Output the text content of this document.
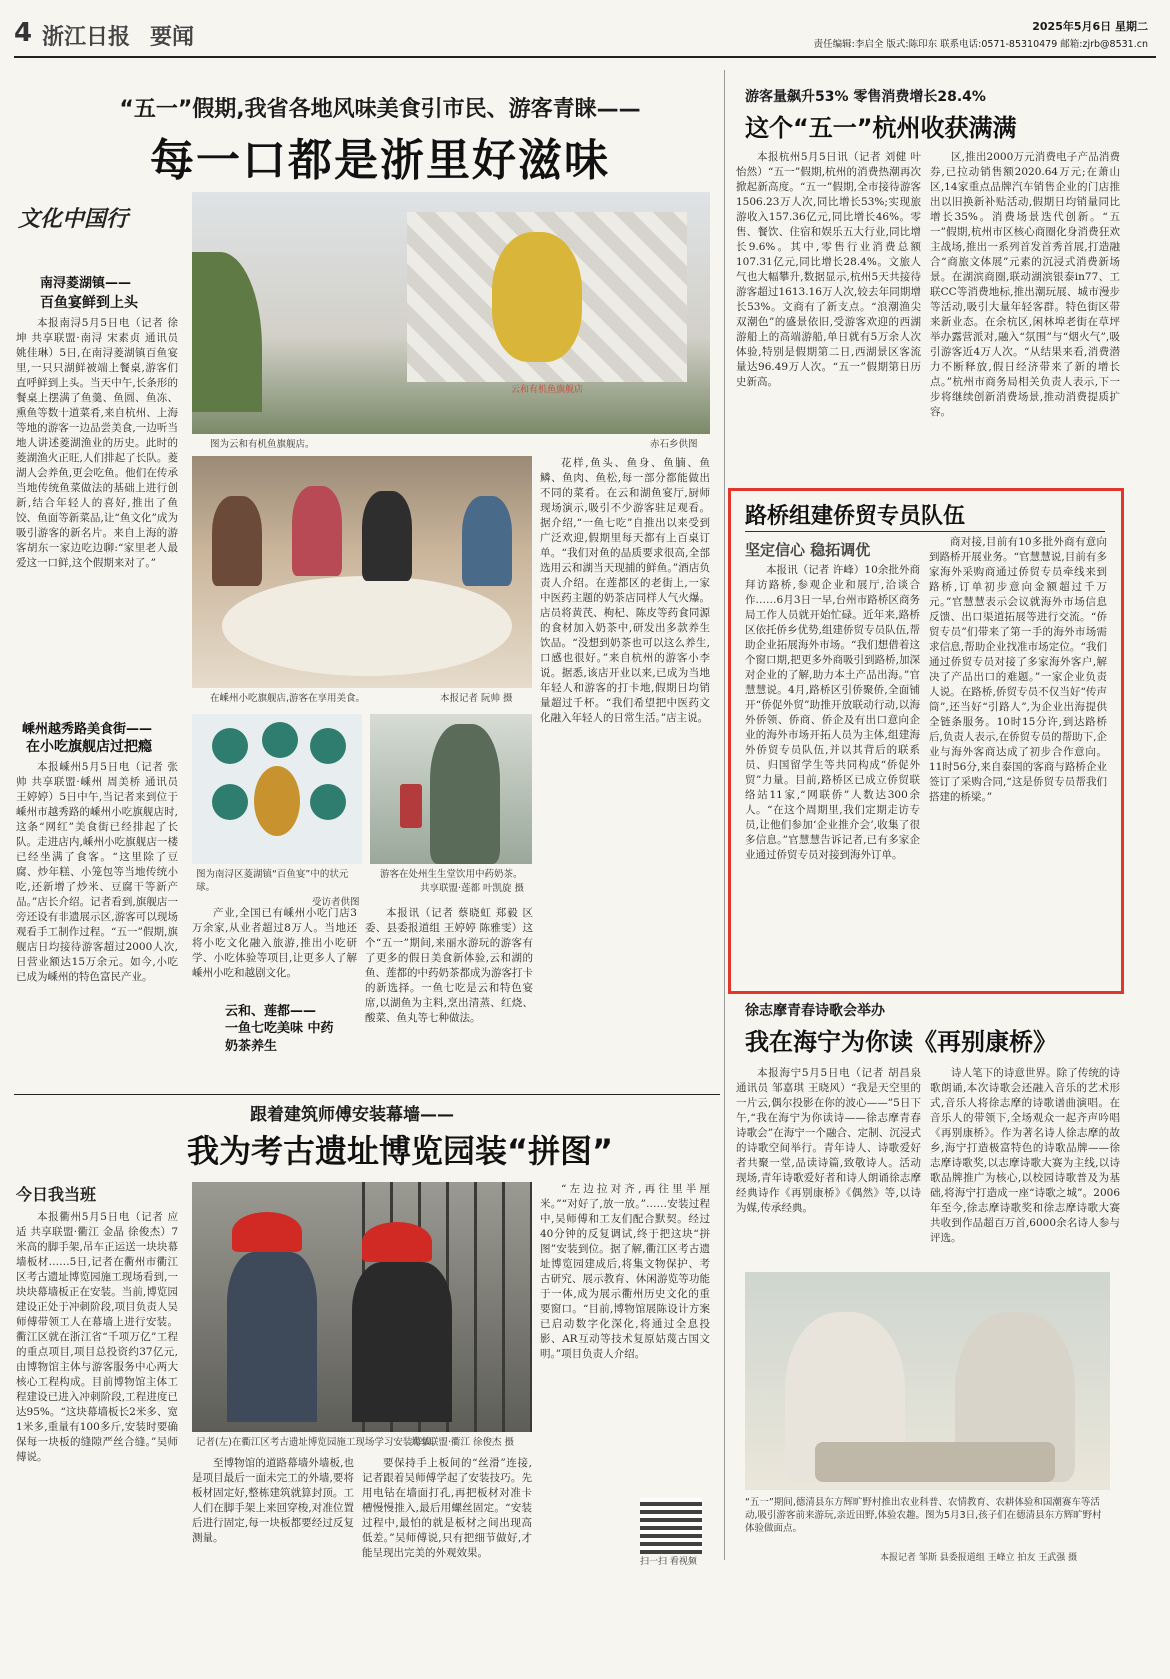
4 浙江日报 要闻	2025年5月6日 星期二
责任编辑:李启全 版式:陈印东 联系电话:0571-85310479 邮箱:zjrb@8531.cn
“五一”假期,我省各地风味美食引市民、游客青睐——
每一口都是浙里好滋味
文化中国行
南浔菱湖镇——
百鱼宴鲜到上头

本报南浔5月5日电（记者 徐坤 共享联盟·南浔 宋素贞 通讯员 姚佳琳）5日,在南浔菱湖镇百鱼宴里,一只只湖鲜被端上餐桌,游客们直呼鲜到上头。当天中午,长条形的餐桌上摆满了鱼羹、鱼圆、鱼冻、熏鱼等数十道菜肴,来自杭州、上海等地的游客一边品尝美食,一边听当地人讲述菱湖渔业的历史。此时的菱湖渔火正旺,人们排起了长队。菱湖人会养鱼,更会吃鱼。他们在传承当地传统鱼菜做法的基础上进行创新,结合年轻人的喜好,推出了鱼饺、鱼面等新菜品,让“鱼文化”成为吸引游客的新名片。来自上海的游客胡东一家边吃边聊:“家里老人最爱这一口鲜,这个假期来对了。”

云和有机鱼旗舰店
图为云和有机鱼旗舰店。	赤石乡供图
在嵊州小吃旗舰店,游客在享用美食。	本报记者 阮帅 摄

花样,鱼头、鱼身、鱼腩、鱼鳞、鱼肉、鱼松,每一部分都能做出不同的菜肴。在云和湖鱼宴厅,厨师现场演示,吸引不少游客驻足观看。据介绍,“一鱼七吃”自推出以来受到广泛欢迎,假期里每天都有上百桌订单。“我们对鱼的品质要求很高,全部选用云和湖当天现捕的鲜鱼。”酒店负责人介绍。在莲都区的老街上,一家中医药主题的奶茶店同样人气火爆。店员将黄芪、枸杞、陈皮等药食同源的食材加入奶茶中,研发出多款养生饮品。“没想到奶茶也可以这么养生,口感也很好。”来自杭州的游客小李说。据悉,该店开业以来,已成为当地年轻人和游客的打卡地,假期日均销量超过千杯。“我们希望把中医药文化融入年轻人的日常生活。”店主说。

嵊州越秀路美食街——
在小吃旗舰店过把瘾

本报嵊州5月5日电（记者 张帅 共享联盟·嵊州 周美桥 通讯员 王婷婷）5日中午,当记者来到位于嵊州市越秀路的嵊州小吃旗舰店时,这条“网红”美食街已经排起了长队。走进店内,嵊州小吃旗舰店一楼已经坐满了食客。“这里除了豆腐、炒年糕、小笼包等当地传统小吃,还新增了炒米、豆腐干等新产品。”店长介绍。记者看到,旗舰店一旁还设有非遗展示区,游客可以现场观看手工制作过程。“五一”假期,旗舰店日均接待游客超过2000人次,日营业额达15万余元。如今,小吃已成为嵊州的特色富民产业。

图为南浔区菱湖镇“百鱼宴”中的状元球。
受访者供图
游客在处州生生堂饮用中药奶茶。
共享联盟·莲都 叶凯旋 摄

产业,全国已有嵊州小吃门店3万余家,从业者超过8万人。当地还将小吃文化融入旅游,推出小吃研学、小吃体验等项目,让更多人了解嵊州小吃和越剧文化。

云和、莲都——
一鱼七吃美味 中药奶茶养生

本报讯（记者 蔡晓虹 郑毅 区委、县委报道组 王婷婷 陈雅雯）这个“五一”期间,来丽水游玩的游客有了更多的假日美食新体验,云和湖的鱼、莲都的中药奶茶都成为游客打卡的新选择。一鱼七吃是云和特色宴席,以湖鱼为主料,烹出清蒸、红烧、酸菜、鱼丸等七种做法。

游客量飙升53% 零售消费增长28.4%
这个“五一”杭州收获满满

本报杭州5月5日讯（记者 刘健 叶怡然）“五一”假期,杭州的消费热潮再次掀起新高度。“五一”假期,全市接待游客1506.23万人次,同比增长53%;实现旅游收入157.36亿元,同比增长46%。零售、餐饮、住宿和娱乐五大行业,同比增长9.6%。其中,零售行业消费总额107.31亿元,同比增长28.4%。文旅人气也大幅攀升,数据显示,杭州5天共接待游客超过1613.16万人次,较去年同期增长53%。文商有了新支点。“浪潮渔尖双潮色”的盛景依旧,受游客欢迎的西湖游船上的高端游船,单日就有5万余人次体验,特别是假期第二日,西湖景区客流量达96.49万人次。“五一”假期第日历史新高。

区,推出2000万元消费电子产品消费券,已拉动销售额2020.64万元;在萧山区,14家重点品牌汽车销售企业的门店推出以旧换新补贴活动,假期日均销量同比增长35%。消费场景迭代创新。“五一”假期,杭州市区核心商圈化身消费狂欢主战场,推出一系列首发首秀首展,打造融合“商旅文体展”元素的沉浸式消费新场景。在湖滨商圈,联动湖滨银泰in77、工联CC等消费地标,推出潮玩展、城市漫步等活动,吸引大量年轻客群。特色街区带来新业态。在余杭区,闲林埠老街在草坪举办露营派对,融入“氛围”与“烟火气”,吸引游客近4万人次。“从结果来看,消费潜力不断释放,假日经济带来了新的增长点。”杭州市商务局相关负责人表示,下一步将继续创新消费场景,推动消费提质扩容。

路桥组建侨贸专员队伍
坚定信心 稳拓调优

本报讯（记者 许峰）10余批外商拜访路桥,参观企业和展厅,洽谈合作……6月3日一早,台州市路桥区商务局工作人员就开始忙碌。近年来,路桥区依托侨乡优势,组建侨贸专员队伍,帮助企业拓展海外市场。“我们想借着这个窗口期,把更多外商吸引到路桥,加深对企业的了解,助力本土产品出海。”官慧慧说。4月,路桥区引侨聚侨,全面铺开“侨促外贸”助推开放联动行动,以海外侨领、侨商、侨企及有出口意向企业的海外市场开拓人员为主体,组建海外侨贸专员队伍,并以其背后的联系员、归国留学生等共同构成“侨促外贸”力量。目前,路桥区已成立侨贸联络站11家,“网联侨”人数达300余人。“在这个周期里,我们定期走访专员,让他们参加‘企业推介会’,收集了很多信息。”官慧慧告诉记者,已有多家企业通过侨贸专员对接到海外订单。

商对接,目前有10多批外商有意向到路桥开展业务。“官慧慧说,目前有多家海外采购商通过侨贸专员牵线来到路桥,订单初步意向金额超过千万元。”官慧慧表示会议就海外市场信息反馈、出口渠道拓展等进行交流。“侨贸专员”们带来了第一手的海外市场需求信息,帮助企业找准市场定位。“我们通过侨贸专员对接了多家海外客户,解决了产品出口的难题。”一家企业负责人说。在路桥,侨贸专员不仅当好“传声筒”,还当好“引路人”,为企业出海提供全链条服务。10时15分许,到达路桥后,负责人表示,在侨贸专员的帮助下,企业与海外客商达成了初步合作意向。11时56分,来自泰国的客商与路桥企业签订了采购合同,“这是侨贸专员帮我们搭建的桥梁。”

徐志摩青春诗歌会举办
我在海宁为你读《再别康桥》

本报海宁5月5日电（记者 胡昌泉 通讯员 邹嘉琪 王晓风）“我是天空里的一片云,偶尔投影在你的波心——”5日下午,“我在海宁为你读诗——徐志摩青春诗歌会”在海宁一个融合、定制、沉浸式的诗歌空间举行。青年诗人、诗歌爱好者共聚一堂,品读诗篇,致敬诗人。活动现场,青年诗歌爱好者和诗人朗诵徐志摩经典诗作《再别康桥》《偶然》等,以诗为媒,传承经典。

诗人笔下的诗意世界。除了传统的诗歌朗诵,本次诗歌会还融入音乐的艺术形式,音乐人将徐志摩的诗歌谱曲演唱。在音乐人的带领下,全场观众一起齐声吟唱《再别康桥》。作为著名诗人徐志摩的故乡,海宁打造极富特色的诗歌品牌——徐志摩诗歌奖,以志摩诗歌大赛为主线,以诗歌品牌推广为核心,以校园诗歌普及为基础,将海宁打造成一座“诗歌之城”。2006年至今,徐志摩诗歌奖和徐志摩诗歌大赛共收到作品超百万首,6000余名诗人参与评选。

“五一”期间,德清县东方辉旷野村推出农业科普、农情教育、农耕体验和国潮赛车等活动,吸引游客前来游玩,亲近田野,体验农趣。图为5月3日,孩子们在德清县东方辉旷野村体验做面点。
本报记者 邹斯 县委报道组 王峰立 拍友 王武强 摄
跟着建筑师傅安装幕墙——
我为考古遗址博览园装“拼图”
今日我当班

本报衢州5月5日电（记者 应适 共享联盟·衢江 金晶 徐俊杰）7米高的脚手架,吊车正运送一块块幕墙板材……5日,记者在衢州市衢江区考古遗址博览园施工现场看到,一块块幕墙板正在安装。当前,博览园建设正处于冲刺阶段,项目负责人吴师傅带领工人在幕墙上进行安装。衢江区就在浙江省“千项万亿”工程的重点项目,项目总投资约37亿元,由博物馆主体与游客服务中心两大核心工程构成。目前博物馆主体工程建设已进入冲刺阶段,工程进度已达95%。“这块幕墙板长2米多、宽1米多,重量有100多斤,安装时要确保每一块板的缝隙严丝合缝。”吴师傅说。

记者(左)在衢江区考古遗址博览园施工现场学习安装幕墙。
共享联盟·衢江 徐俊杰 摄

至博物馆的道路幕墙外墙板,也是项目最后一面未完工的外墙,要将板材固定好,整栋建筑就算封顶。工人们在脚手架上来回穿梭,对准位置后进行固定,每一块板都要经过反复测量。

要保持手上板间的“丝滑”连接,记者跟着吴师傅学起了安装技巧。先用电钻在墙面打孔,再把板材对准卡槽慢慢推入,最后用螺丝固定。“安装过程中,最怕的就是板材之间出现高低差。”吴师傅说,只有把细节做好,才能呈现出完美的外观效果。

“左边拉对齐,再往里半厘米。”“对好了,放一放。”……安装过程中,吴师傅和工友们配合默契。经过40分钟的反复调试,终于把这块“拼图”安装到位。据了解,衢江区考古遗址博览园建成后,将集文物保护、考古研究、展示教育、休闲游览等功能于一体,成为展示衢州历史文化的重要窗口。“目前,博物馆展陈设计方案已启动数字化深化,将通过全息投影、AR互动等技术复原姑蔑古国文明。”项目负责人介绍。

扫一扫 看视频
